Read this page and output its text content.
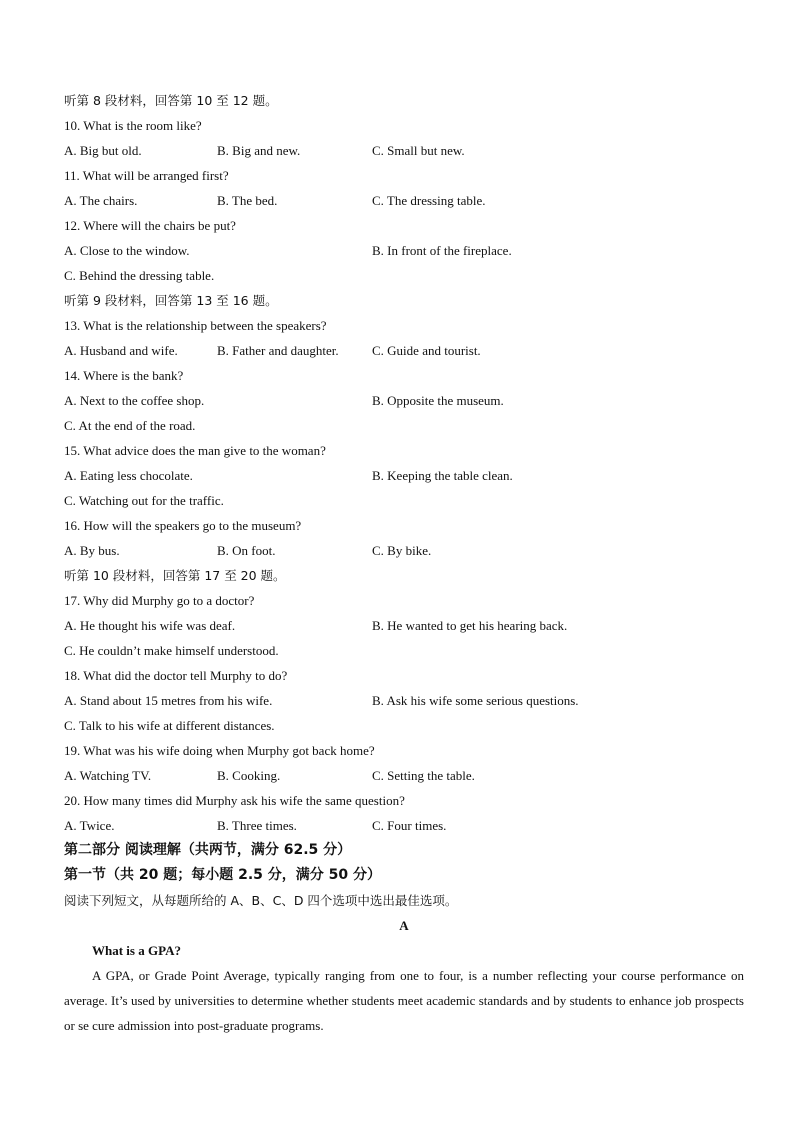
听第 8 段材料，回答第 10 至 12 题。
10. What is the room like?
A. Big but old.	B. Big and new.	C. Small but new.
11. What will be arranged first?
A. The chairs.	B. The bed.	C. The dressing table.
12. Where will the chairs be put?
A. Close to the window.	B. In front of the fireplace.
C. Behind the dressing table.
听第 9 段材料，回答第 13 至 16 题。
13. What is the relationship between the speakers?
A. Husband and wife.	B. Father and daughter.	C. Guide and tourist.
14. Where is the bank?
A. Next to the coffee shop.	B. Opposite the museum.
C. At the end of the road.
15. What advice does the man give to the woman?
A. Eating less chocolate.	B. Keeping the table clean.
C. Watching out for the traffic.
16. How will the speakers go to the museum?
A. By bus.	B. On foot.	C. By bike.
听第 10 段材料，回答第 17 至 20 题。
17. Why did Murphy go to a doctor?
A. He thought his wife was deaf.	B. He wanted to get his hearing back.
C. He couldn’t make himself understood.
18. What did the doctor tell Murphy to do?
A. Stand about 15 metres from his wife.	B. Ask his wife some serious questions.
C. Talk to his wife at different distances.
19. What was his wife doing when Murphy got back home?
A. Watching TV.	B. Cooking.	C. Setting the table.
20. How many times did Murphy ask his wife the same question?
A. Twice.	B. Three times.	C. Four times.
第二部分 阅读理解（共两节，满分 62.5 分）
第一节（共 20 题；每小题 2.5 分，满分 50 分）
阅读下列短文，从每题所给的 A、B、C、D 四个选项中选出最佳选项。
A
What is a GPA?
A GPA, or Grade Point Average, typically ranging from one to four, is a number reflecting your course performance on average. It’s used by universities to determine whether students meet academic standards and by students to enhance job prospects or se cure admission into post-graduate programs.
